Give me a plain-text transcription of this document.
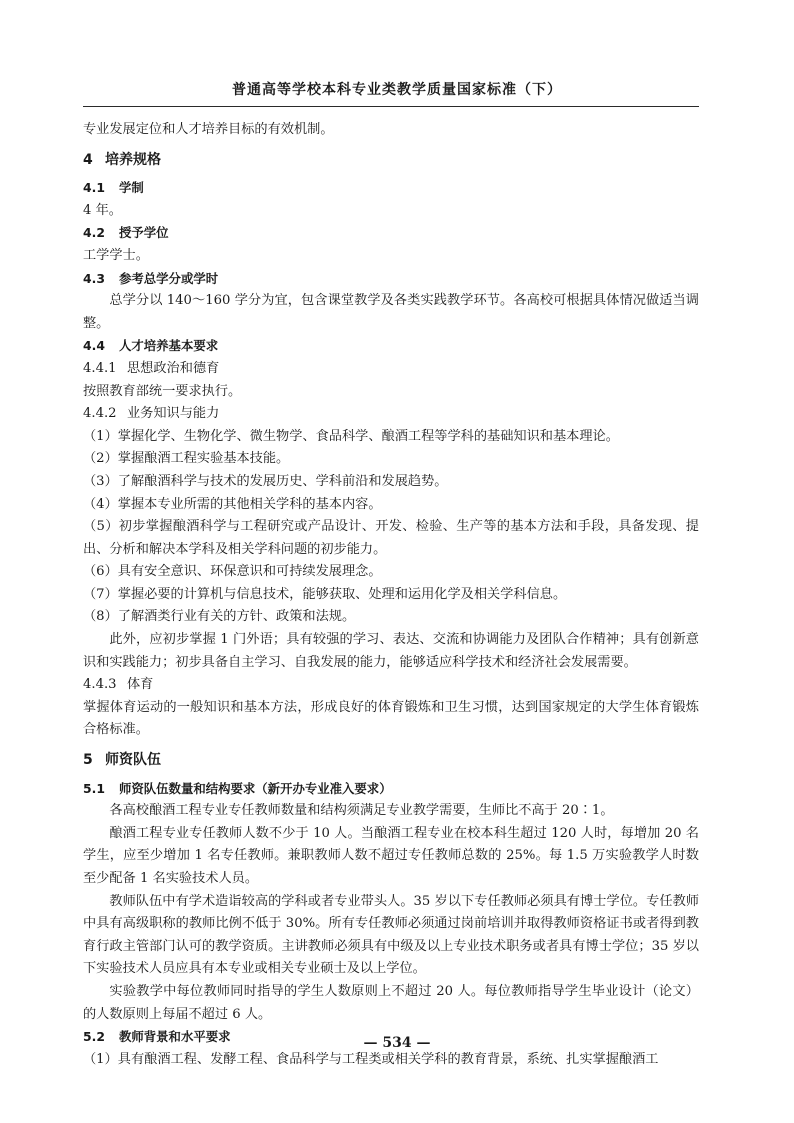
普通高等学校本科专业类教学质量国家标准（下）

专业发展定位和人才培养目标的有效机制。

4 培养规格
4.1 学制

4 年。

4.2 授予学位

工学学士。

4.3 参考总学分或学时

总学分以 140～160 学分为宜，包含课堂教学及各类实践教学环节。各高校可根据具体情况做适当调整。

4.4 人才培养基本要求
4.4.1 思想政治和德育

按照教育部统一要求执行。

4.4.2 业务知识与能力

（1）掌握化学、生物化学、微生物学、食品科学、酿酒工程等学科的基础知识和基本理论。

（2）掌握酿酒工程实验基本技能。

（3）了解酿酒科学与技术的发展历史、学科前沿和发展趋势。

（4）掌握本专业所需的其他相关学科的基本内容。

（5）初步掌握酿酒科学与工程研究或产品设计、开发、检验、生产等的基本方法和手段，具备发现、提出、分析和解决本学科及相关学科问题的初步能力。

（6）具有安全意识、环保意识和可持续发展理念。

（7）掌握必要的计算机与信息技术，能够获取、处理和运用化学及相关学科信息。

（8）了解酒类行业有关的方针、政策和法规。

此外，应初步掌握 1 门外语；具有较强的学习、表达、交流和协调能力及团队合作精神；具有创新意识和实践能力；初步具备自主学习、自我发展的能力，能够适应科学技术和经济社会发展需要。

4.4.3 体育

掌握体育运动的一般知识和基本方法，形成良好的体育锻炼和卫生习惯，达到国家规定的大学生体育锻炼合格标准。

5 师资队伍
5.1 师资队伍数量和结构要求（新开办专业准入要求）

各高校酿酒工程专业专任教师数量和结构须满足专业教学需要，生师比不高于 20∶1。

酿酒工程专业专任教师人数不少于 10 人。当酿酒工程专业在校本科生超过 120 人时，每增加 20 名学生，应至少增加 1 名专任教师。兼职教师人数不超过专任教师总数的 25%。每 1.5 万实验教学人时数至少配备 1 名实验技术人员。

教师队伍中有学术造诣较高的学科或者专业带头人。35 岁以下专任教师必须具有博士学位。专任教师中具有高级职称的教师比例不低于 30%。所有专任教师必须通过岗前培训并取得教师资格证书或者得到教育行政主管部门认可的教学资质。主讲教师必须具有中级及以上专业技术职务或者具有博士学位；35 岁以下实验技术人员应具有本专业或相关专业硕士及以上学位。

实验教学中每位教师同时指导的学生人数原则上不超过 20 人。每位教师指导学生毕业设计（论文）的人数原则上每届不超过 6 人。

5.2 教师背景和水平要求

（1）具有酿酒工程、发酵工程、食品科学与工程类或相关学科的教育背景，系统、扎实掌握酿酒工

— 534 —
